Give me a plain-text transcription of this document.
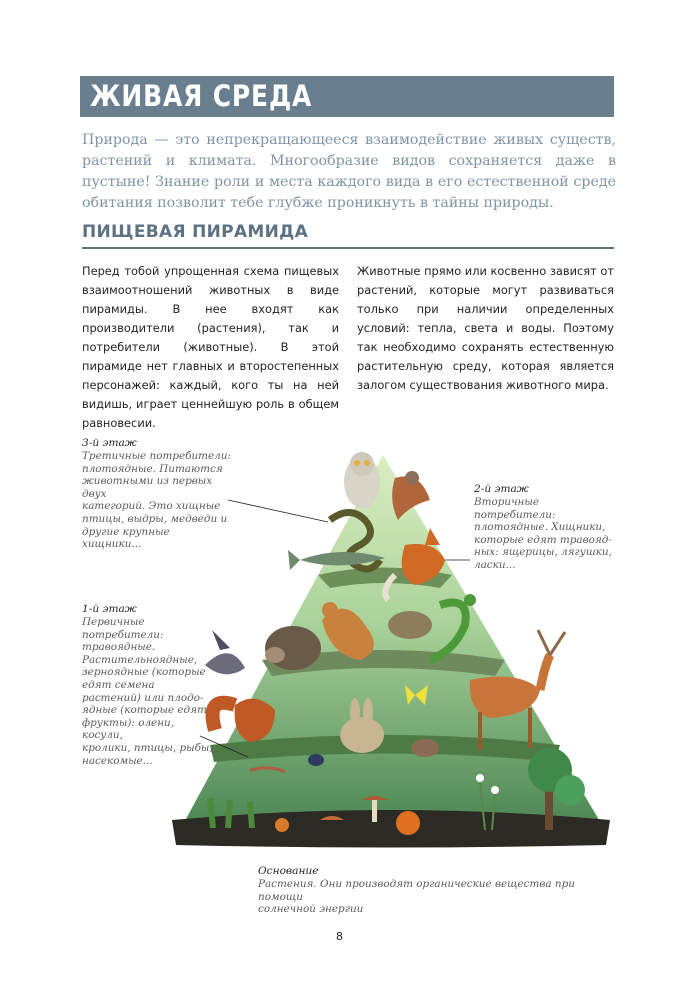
ЖИВАЯ СРЕДА

Природа — это непрекращающееся взаимодействие живых существ, растений и климата. Многообразие видов сохраняется даже в пустыне! Знание роли и места каждого вида в его естественной среде обитания позволит тебе глубже проникнуть в тайны природы.

ПИЩЕВАЯ ПИРАМИДА

Перед тобой упрощенная схема пищевых взаимоотношений животных в виде пирамиды. В нее входят как производители (растения), так и потребители (животные). В этой пирамиде нет главных и второстепенных персонажей: каждый, кого ты на ней видишь, играет ценнейшую роль в общем равновесии.

Животные прямо или косвенно зависят от растений, которые могут развиваться только при наличии определенных условий: тепла, света и воды. Поэтому так необходимо сохранять естественную растительную среду, которая является залогом существования животного мира.

3-й этаж
Третичные потребители:
плотоядные. Питаются
животными из первых двух
категорий. Это хищные
птицы, выдры, медведи и
другие крупные хищники...
2-й этаж
Вторичные потребители:
плотоядные. Хищники,
которые едят травояд-
ных: ящерицы, лягушки,
ласки...
1-й этаж
Первичные потребители:
травоядные.
Растительноядные,
зерноядные (которые
едят семена
растений) или плодо-
ядные (которые едят
фрукты): олени, косули,
кролики, птицы, рыбы,
насекомые...
Основание
Растения. Они производят органические вещества при помощи
солнечной энергии
8
